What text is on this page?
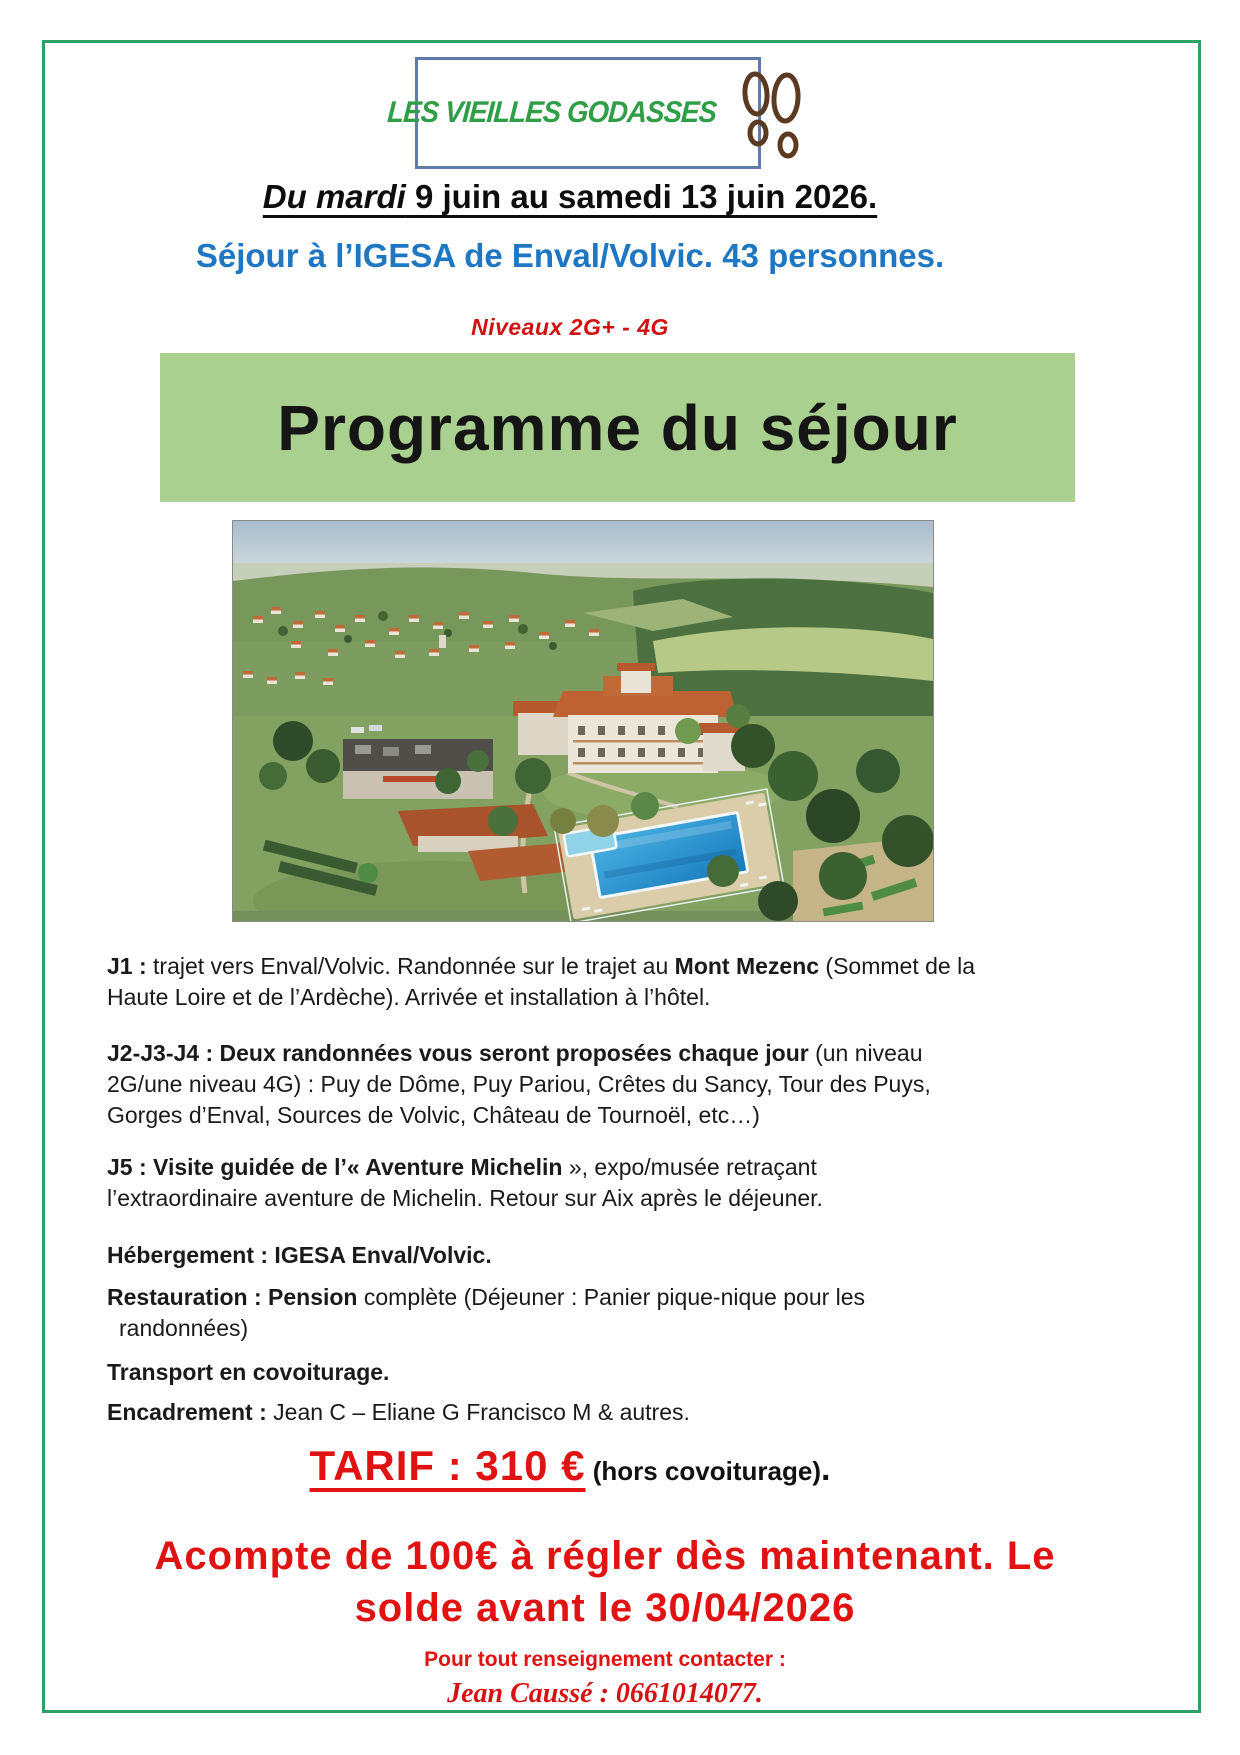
LES VIEILLES GODASSES
Du mardi 9 juin au samedi 13 juin 2026.
Séjour à l’IGESA de Enval/Volvic. 43 personnes.
Niveaux 2G+ - 4G
Programme du séjour
J1 : trajet vers Enval/Volvic. Randonnée sur le trajet au Mont Mezenc (Sommet de la
Haute Loire et de l’Ardèche). Arrivée et installation à l’hôtel.
J2-J3-J4 : Deux randonnées vous seront proposées chaque jour (un niveau
2G/une niveau 4G) : Puy de Dôme, Puy Pariou, Crêtes du Sancy, Tour des Puys,
Gorges d’Enval, Sources de Volvic, Château de Tournoël, etc…)
J5 : Visite guidée de l’« Aventure Michelin », expo/musée retraçant
l’extraordinaire aventure de Michelin. Retour sur Aix après le déjeuner.
Hébergement : IGESA Enval/Volvic.
Restauration : Pension complète (Déjeuner : Panier pique-nique pour les
randonnées)
Transport en covoiturage.
Encadrement : Jean C – Eliane G Francisco M & autres.
TARIF : 310 € (hors covoiturage).
Acompte de 100€ à régler dès maintenant. Le
solde avant le 30/04/2026
Pour tout renseignement contacter :
Jean Caussé : 0661014077.
